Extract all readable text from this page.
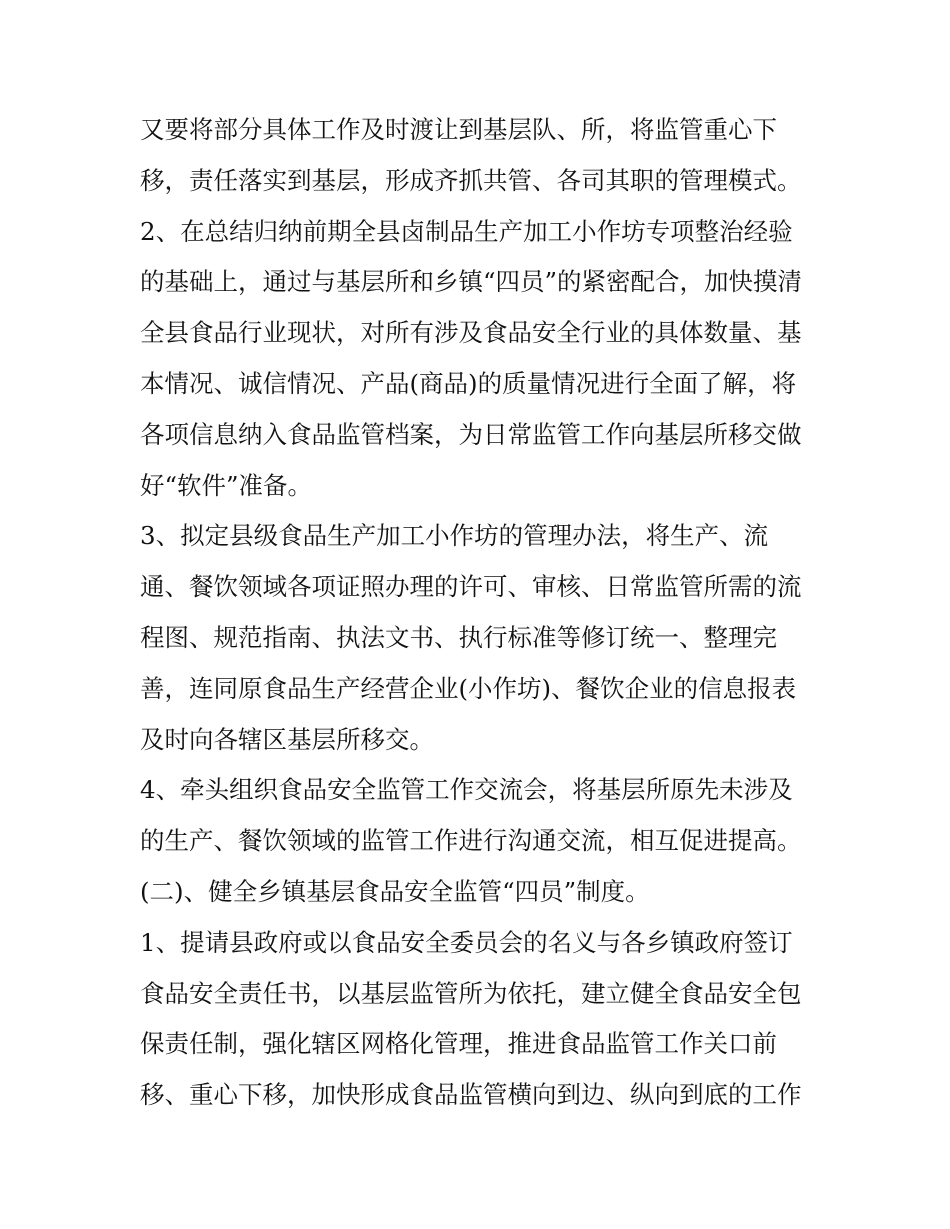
又要将部分具体工作及时渡让到基层队、所，将监管重心下
移，责任落实到基层，形成齐抓共管、各司其职的管理模式。
2、在总结归纳前期全县卤制品生产加工小作坊专项整治经验
的基础上，通过与基层所和乡镇“四员”的紧密配合，加快摸清
全县食品行业现状，对所有涉及食品安全行业的具体数量、基
本情况、诚信情况、产品(商品)的质量情况进行全面了解，将
各项信息纳入食品监管档案，为日常监管工作向基层所移交做
好“软件”准备。
3、拟定县级食品生产加工小作坊的管理办法，将生产、流
通、餐饮领域各项证照办理的许可、审核、日常监管所需的流
程图、规范指南、执法文书、执行标准等修订统一、整理完
善，连同原食品生产经营企业(小作坊)、餐饮企业的信息报表
及时向各辖区基层所移交。
4、牵头组织食品安全监管工作交流会，将基层所原先未涉及
的生产、餐饮领域的监管工作进行沟通交流，相互促进提高。
(二)、健全乡镇基层食品安全监管“四员”制度。
1、提请县政府或以食品安全委员会的名义与各乡镇政府签订
食品安全责任书，以基层监管所为依托，建立健全食品安全包
保责任制，强化辖区网格化管理，推进食品监管工作关口前
移、重心下移，加快形成食品监管横向到边、纵向到底的工作
